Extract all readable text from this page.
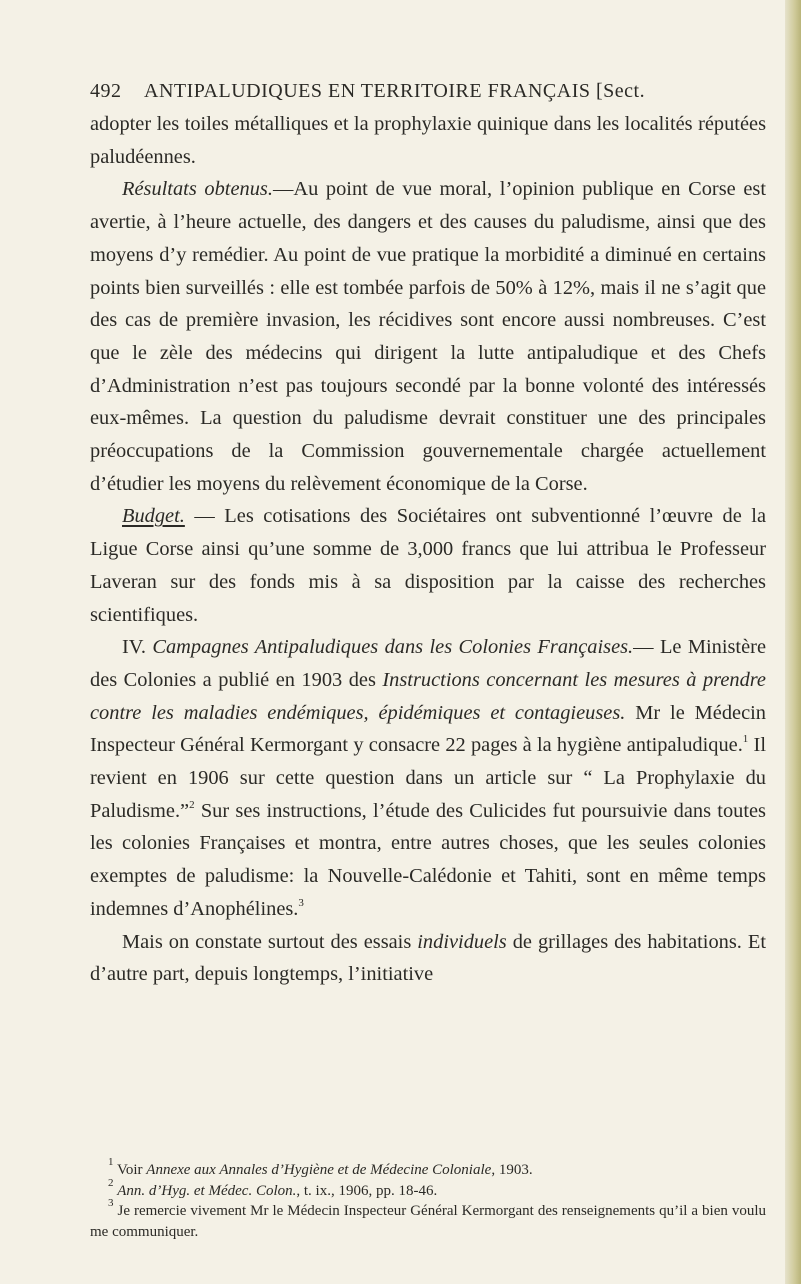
492 ANTIPALUDIQUES EN TERRITOIRE FRANÇAIS [Sect.

adopter les toiles métalliques et la prophylaxie quinique dans les localités réputées paludéennes.

Résultats obtenus.—Au point de vue moral, l’opinion publique en Corse est avertie, à l’heure actuelle, des dangers et des causes du paludisme, ainsi que des moyens d’y remédier. Au point de vue pratique la morbidité a diminué en certains points bien surveillés : elle est tombée parfois de 50% à 12%, mais il ne s’agit que des cas de première invasion, les récidives sont encore aussi nombreuses. C’est que le zèle des médecins qui dirigent la lutte antipaludique et des Chefs d’Administration n’est pas toujours secondé par la bonne volonté des intéressés eux-mêmes. La question du paludisme devrait constituer une des principales préoccupations de la Commission gouvernementale chargée actuellement d’étudier les moyens du relèvement économique de la Corse.

Budget. — Les cotisations des Sociétaires ont subventionné l’œuvre de la Ligue Corse ainsi qu’une somme de 3,000 francs que lui attribua le Professeur Laveran sur des fonds mis à sa disposition par la caisse des recherches scientifiques.

IV. Campagnes Antipaludiques dans les Colonies Françaises.— Le Ministère des Colonies a publié en 1903 des Instructions concernant les mesures à prendre contre les maladies endémiques, épidémiques et contagieuses. Mr le Médecin Inspecteur Général Kermorgant y consacre 22 pages à la hygiène antipaludique.$^1$ Il revient en 1906 sur cette question dans un article sur “ La Prophylaxie du Paludisme.”$^2$ Sur ses instructions, l’étude des Culicides fut poursuivie dans toutes les colonies Françaises et montra, entre autres choses, que les seules colonies exemptes de paludisme: la Nouvelle-Calédonie et Tahiti, sont en même temps indemnes d’Anophélines.$^3$

Mais on constate surtout des essais individuels de grillages des habitations. Et d’autre part, depuis longtemps, l’initiative

$^1$ Voir Annexe aux Annales d’Hygiène et de Médecine Coloniale, 1903.

$^2$ Ann. d’Hyg. et Médec. Colon., t. ix., 1906, pp. 18-46.

$^3$ Je remercie vivement Mr le Médecin Inspecteur Général Kermorgant des renseignements qu’il a bien voulu me communiquer.
